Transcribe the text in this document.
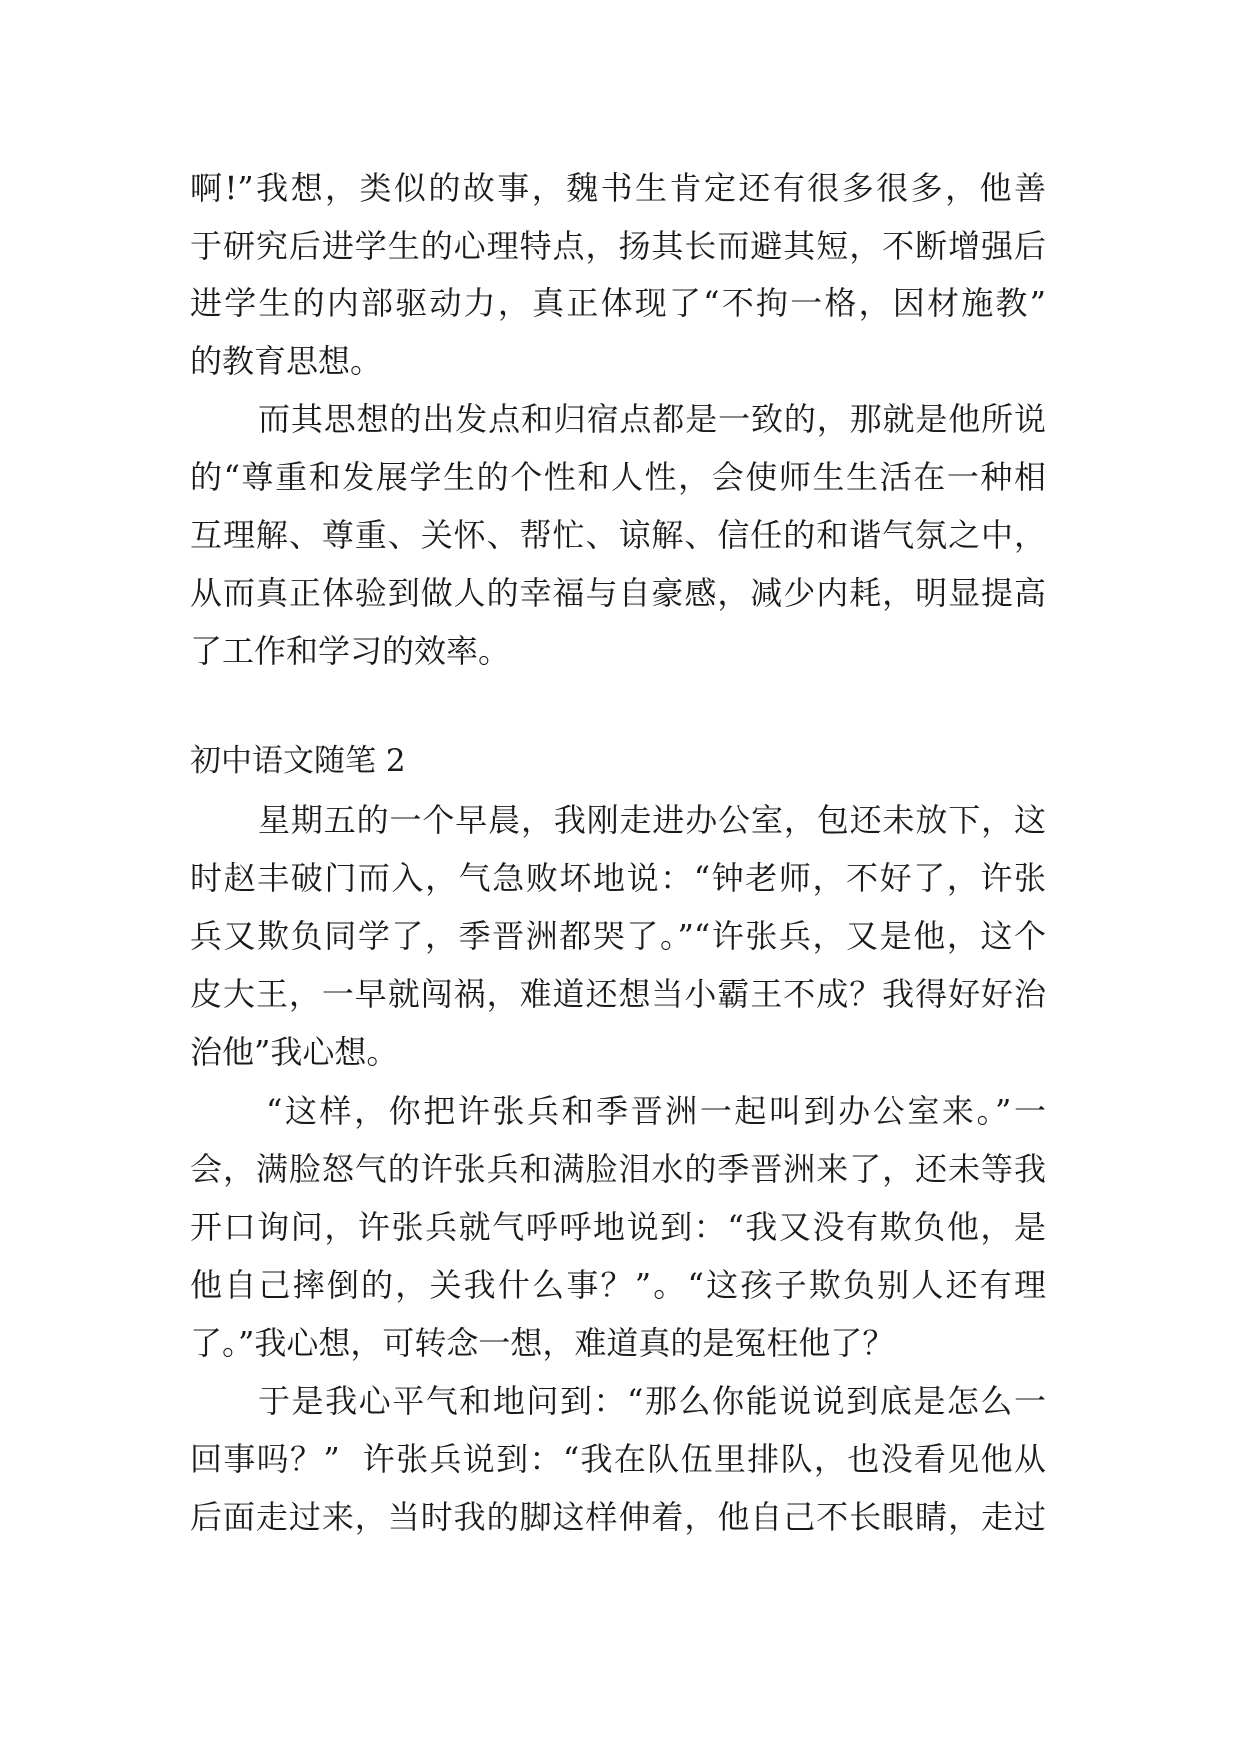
啊!”我想，类似的故事，魏书生肯定还有很多很多，他善
于研究后进学生的心理特点，扬其长而避其短，不断增强后
进学生的内部驱动力，真正体现了“不拘一格，因材施教”
的教育思想。
而其思想的出发点和归宿点都是一致的，那就是他所说
的“尊重和发展学生的个性和人性，会使师生生活在一种相
互理解、尊重、关怀、帮忙、谅解、信任的和谐气氛之中，
从而真正体验到做人的幸福与自豪感，减少内耗，明显提高
了工作和学习的效率。
初中语文随笔 2
星期五的一个早晨，我刚走进办公室，包还未放下，这
时赵丰破门而入，气急败坏地说：“钟老师，不好了，许张
兵又欺负同学了，季晋洲都哭了。”“许张兵，又是他，这个
皮大王，一早就闯祸，难道还想当小霸王不成？我得好好治
治他”我心想。
“这样，你把许张兵和季晋洲一起叫到办公室来。”一
会，满脸怒气的许张兵和满脸泪水的季晋洲来了，还未等我
开口询问，许张兵就气呼呼地说到：“我又没有欺负他，是
他自己摔倒的，关我什么事？”。“这孩子欺负别人还有理
了。”我心想，可转念一想，难道真的是冤枉他了？
于是我心平气和地问到：“那么你能说说到底是怎么一
回事吗？”  许张兵说到：“我在队伍里排队，也没看见他从
后面走过来，当时我的脚这样伸着，他自己不长眼睛，走过
